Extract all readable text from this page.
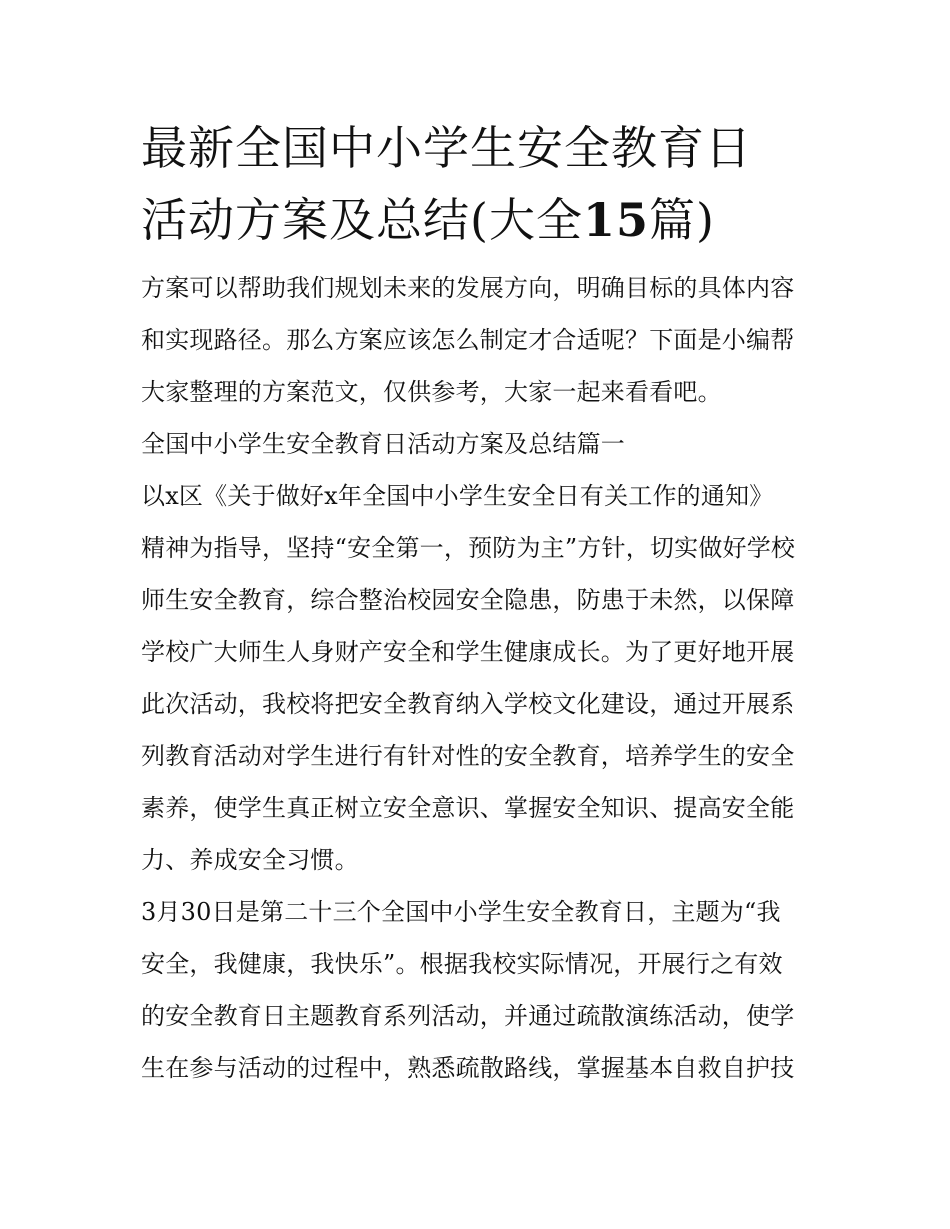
最新全国中小学生安全教育日
活动方案及总结(大全15篇)

方案可以帮助我们规划未来的发展方向，明确目标的具体内容
和实现路径。那么方案应该怎么制定才合适呢？下面是小编帮
大家整理的方案范文，仅供参考，大家一起来看看吧。

全国中小学生安全教育日活动方案及总结篇一

以x区《关于做好x年全国中小学生安全日有关工作的通知》
精神为指导，坚持“安全第一，预防为主”方针，切实做好学校
师生安全教育，综合整治校园安全隐患，防患于未然，以保障
学校广大师生人身财产安全和学生健康成长。为了更好地开展
此次活动，我校将把安全教育纳入学校文化建设，通过开展系
列教育活动对学生进行有针对性的安全教育，培养学生的安全
素养，使学生真正树立安全意识、掌握安全知识、提高安全能
力、养成安全习惯。

3月30日是第二十三个全国中小学生安全教育日，主题为“我
安全，我健康，我快乐”。根据我校实际情况，开展行之有效
的安全教育日主题教育系列活动，并通过疏散演练活动，使学
生在参与活动的过程中，熟悉疏散路线，掌握基本自救自护技
